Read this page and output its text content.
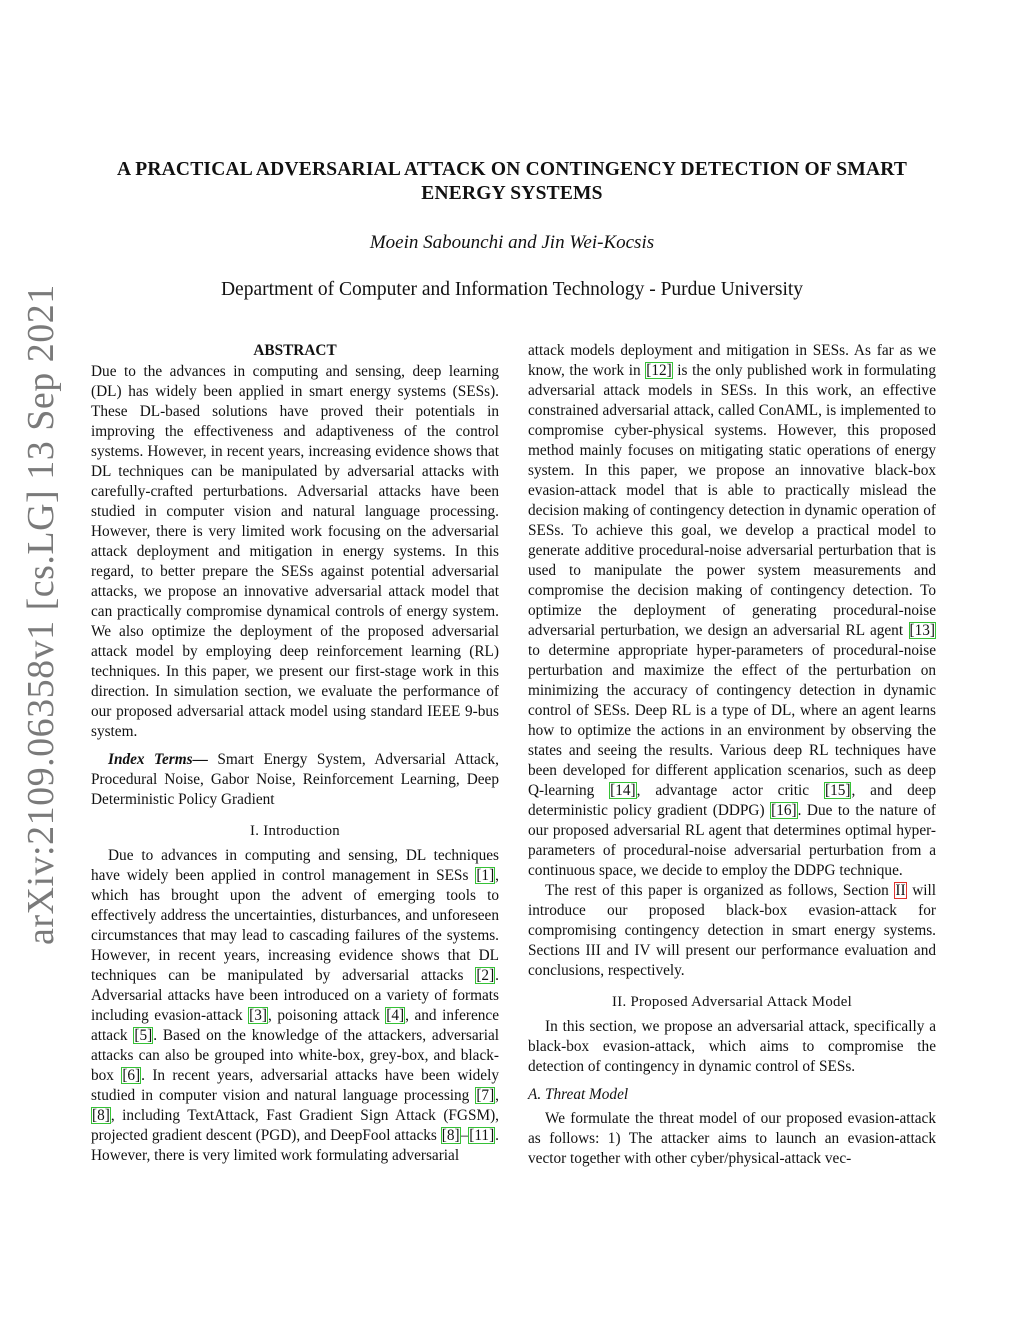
arXiv:2109.06358v1 [cs.LG] 13 Sep 2021
A PRACTICAL ADVERSARIAL ATTACK ON CONTINGENCY DETECTION OF SMART
ENERGY SYSTEMS
Moein Sabounchi and Jin Wei-Kocsis
Department of Computer and Information Technology - Purdue University
ABSTRACT

Due to the advances in computing and sensing, deep learning (DL) has widely been applied in smart energy systems (SESs). These DL-based solutions have proved their potentials in improving the effectiveness and adaptiveness of the control systems. However, in recent years, increasing evidence shows that DL techniques can be manipulated by adversarial attacks with carefully-crafted perturbations. Adversarial attacks have been studied in computer vision and natural language processing. However, there is very limited work focusing on the adversarial attack deployment and mitigation in energy systems. In this regard, to better prepare the SESs against potential adversarial attacks, we propose an innovative adversarial attack model that can practically compromise dynamical controls of energy system. We also optimize the deployment of the proposed adversarial attack model by employing deep reinforcement learning (RL) techniques. In this paper, we present our first-stage work in this direction. In simulation section, we evaluate the performance of our proposed adversarial attack model using standard IEEE 9-bus system.

Index Terms— Smart Energy System, Adversarial Attack, Procedural Noise, Gabor Noise, Reinforcement Learning, Deep Deterministic Policy Gradient

I. Introduction

Due to advances in computing and sensing, DL techniques have widely been applied in control management in SESs [1], which has brought upon the advent of emerging tools to effectively address the uncertainties, disturbances, and unforeseen circumstances that may lead to cascading failures of the systems. However, in recent years, increasing evidence shows that DL techniques can be manipulated by adversarial attacks [2]. Adversarial attacks have been introduced on a variety of formats including evasion-attack [3], poisoning attack [4], and inference attack [5]. Based on the knowledge of the attackers, adversarial attacks can also be grouped into white-box, grey-box, and black-box [6]. In recent years, adversarial attacks have been widely studied in computer vision and natural language processing [7], [8], including TextAttack, Fast Gradient Sign Attack (FGSM), projected gradient descent (PGD), and DeepFool attacks [8]–[11]. However, there is very limited work formulating adversarial

attack models deployment and mitigation in SESs. As far as we know, the work in [12] is the only published work in formulating adversarial attack models in SESs. In this work, an effective constrained adversarial attack, called ConAML, is implemented to compromise cyber-physical systems. However, this proposed method mainly focuses on mitigating static operations of energy system. In this paper, we propose an innovative black-box evasion-attack model that is able to practically mislead the decision making of contingency detection in dynamic operation of SESs. To achieve this goal, we develop a practical model to generate additive procedural-noise adversarial perturbation that is used to manipulate the power system measurements and compromise the decision making of contingency detection. To optimize the deployment of generating procedural-noise adversarial perturbation, we design an adversarial RL agent [13] to determine appropriate hyper-parameters of procedural-noise perturbation and maximize the effect of the perturbation on minimizing the accuracy of contingency detection in dynamic control of SESs. Deep RL is a type of DL, where an agent learns how to optimize the actions in an environment by observing the states and seeing the results. Various deep RL techniques have been developed for different application scenarios, such as deep Q-learning [14], advantage actor critic [15], and deep deterministic policy gradient (DDPG) [16]. Due to the nature of our proposed adversarial RL agent that determines optimal hyper-parameters of procedural-noise adversarial perturbation from a continuous space, we decide to employ the DDPG technique.

The rest of this paper is organized as follows, Section II will introduce our proposed black-box evasion-attack for compromising contingency detection in smart energy systems. Sections III and IV will present our performance evaluation and conclusions, respectively.

II. Proposed Adversarial Attack Model

In this section, we propose an adversarial attack, specifically a black-box evasion-attack, which aims to compromise the detection of contingency in dynamic control of SESs.

A. Threat Model

We formulate the threat model of our proposed evasion-attack as follows: 1) The attacker aims to launch an evasion-attack vector together with other cyber/physical-attack vec-
